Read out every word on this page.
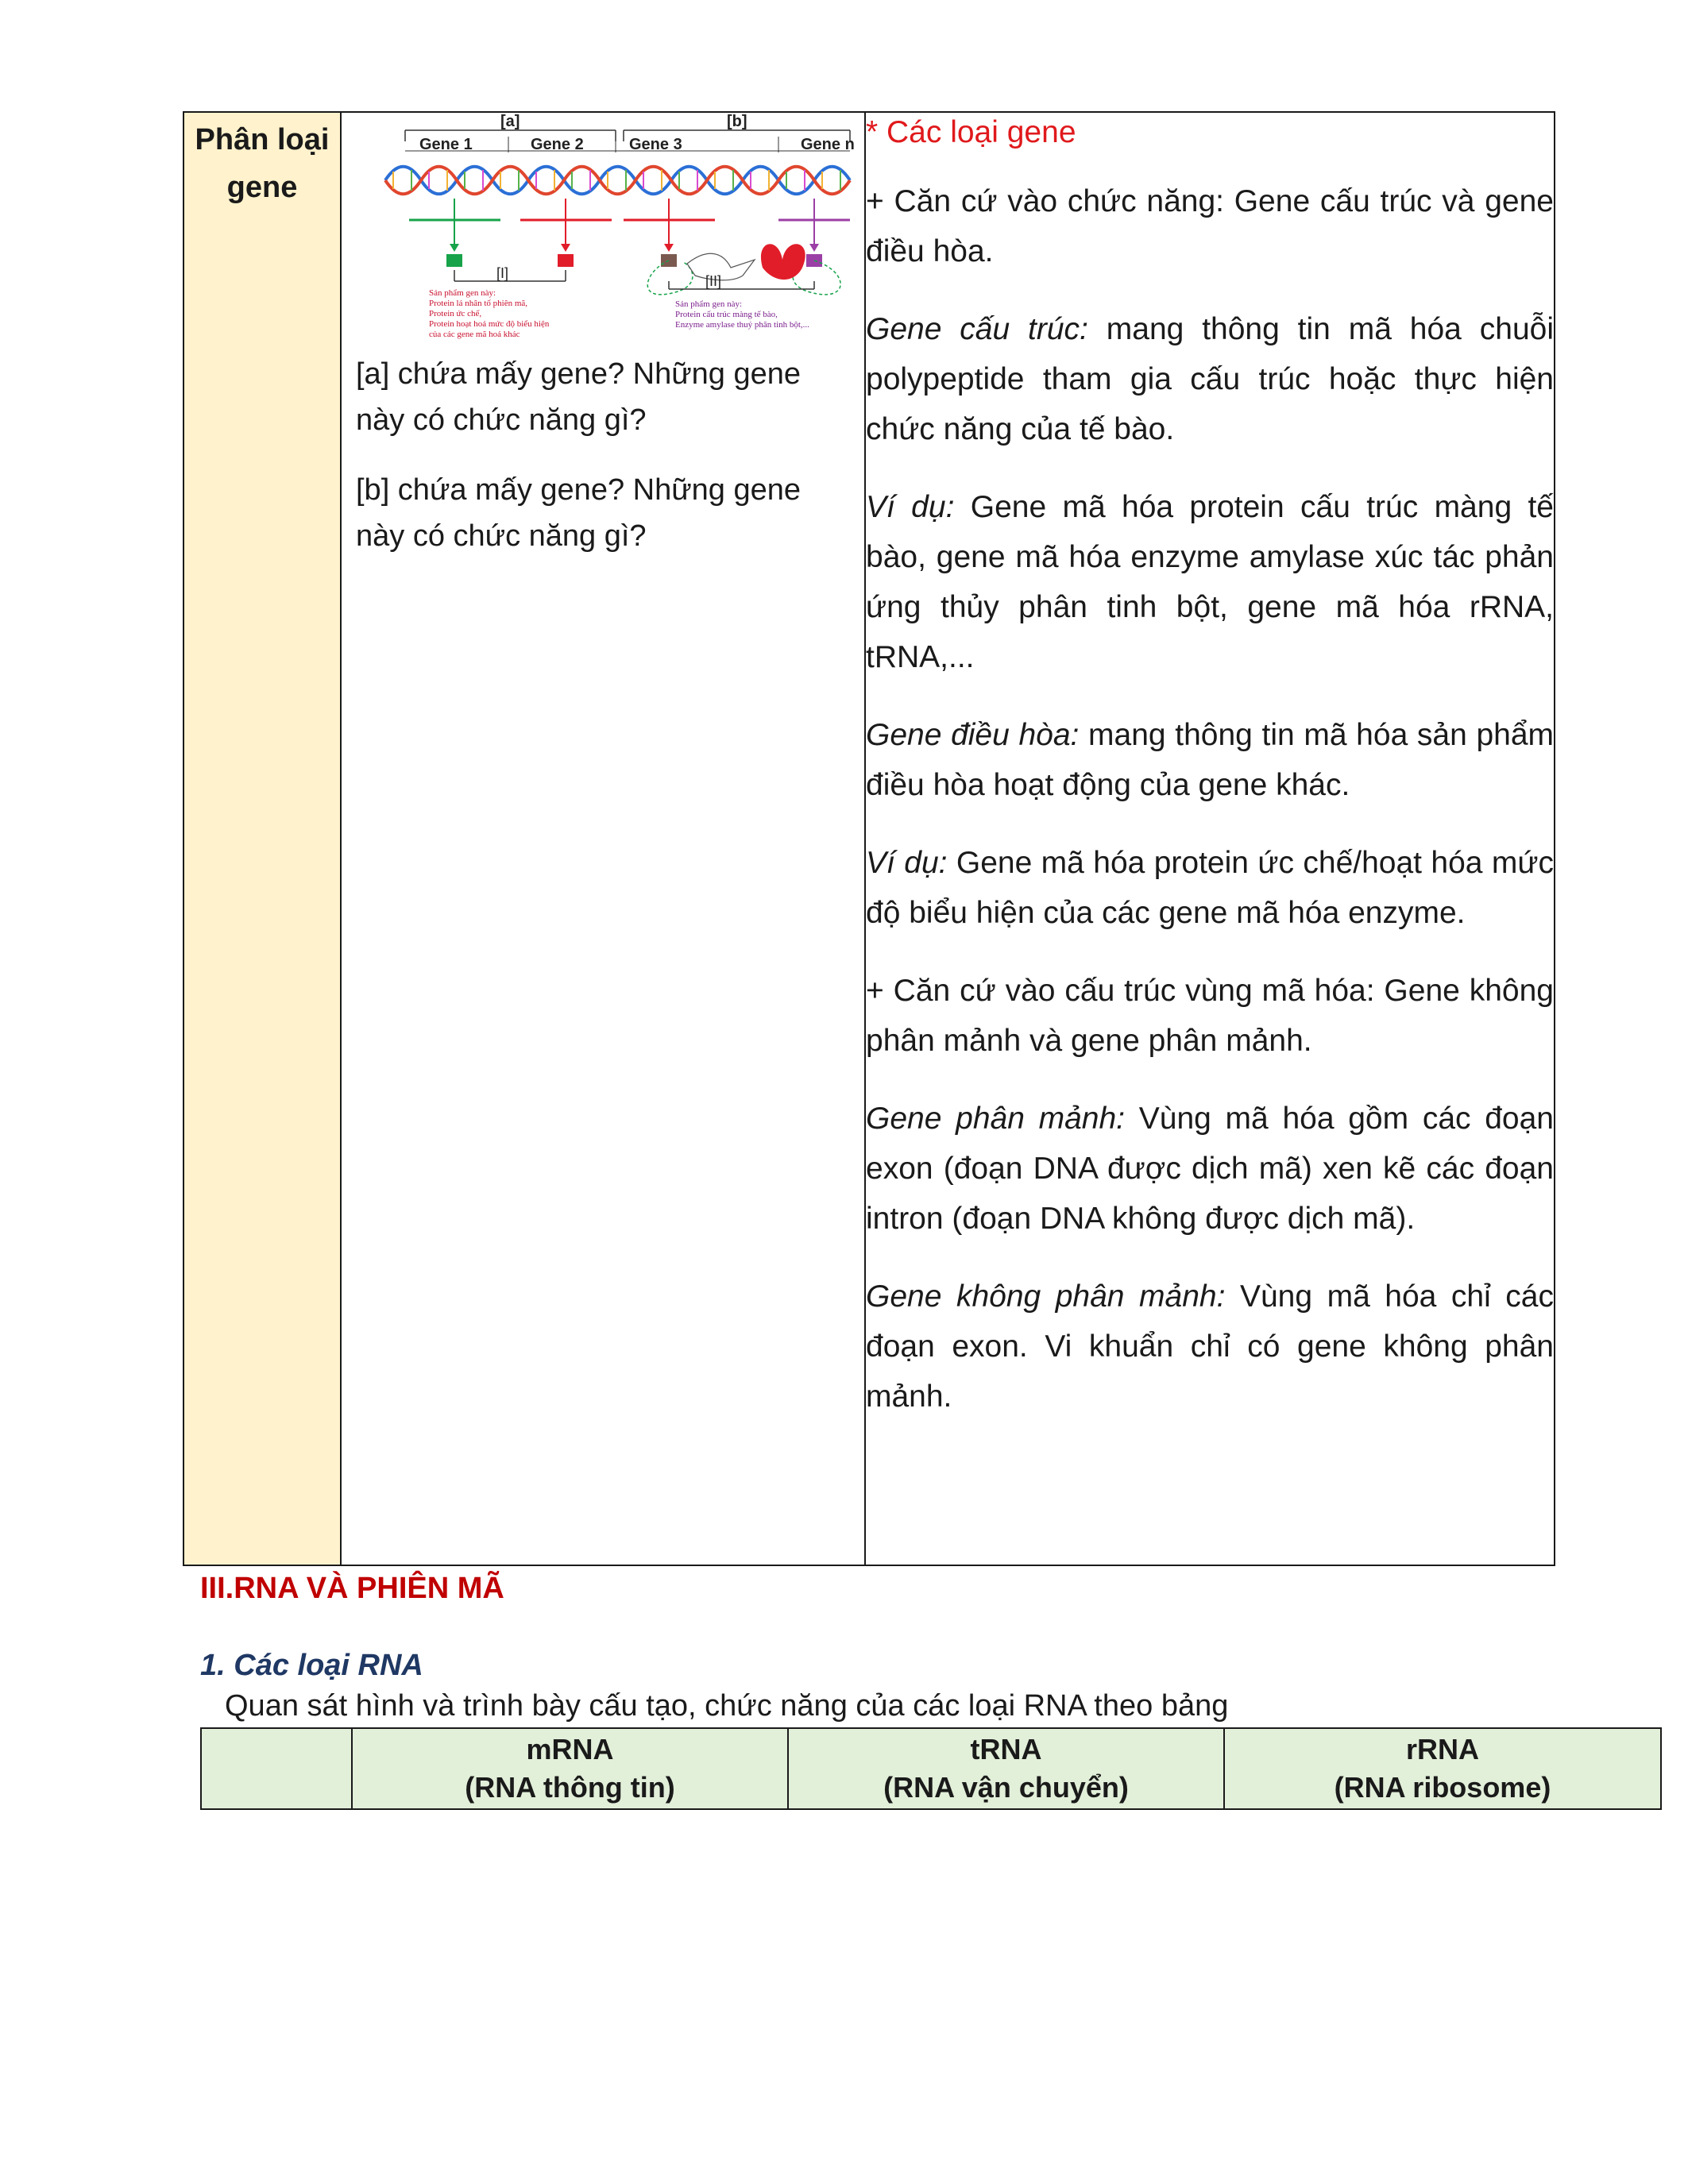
Phân loại
gene

[a]	[b]
Gene 1	Gene 2	Gene 3	Gene n
[I]	[II]
Sản phẩm gen này: Protein lá nhân tố phiên mã, Protein ức chế, Protein hoạt hoá mức độ biểu hiện của các gene mã hoá khác
Sản phẩm gen này: Protein cấu trúc màng tế bào, Enzyme amylase thuỷ phân tinh bột,...

[a] chứa mấy gene? Những gene này có chức năng gì?

[b] chứa mấy gene? Những gene này có chức năng gì?

* Các loại gene

+ Căn cứ vào chức năng: Gene cấu trúc và gene điều hòa.

Gene cấu trúc: mang thông tin mã hóa chuỗi polypeptide tham gia cấu trúc hoặc thực hiện chức năng của tế bào.

Ví dụ: Gene mã hóa protein cấu trúc màng tế bào, gene mã hóa enzyme amylase xúc tác phản ứng thủy phân tinh bột, gene mã hóa rRNA, tRNA,...

Gene điều hòa: mang thông tin mã hóa sản phẩm điều hòa hoạt động của gene khác.

Ví dụ: Gene mã hóa protein ức chế/hoạt hóa mức độ biểu hiện của các gene mã hóa enzyme.

+ Căn cứ vào cấu trúc vùng mã hóa: Gene không phân mảnh và gene phân mảnh.

Gene phân mảnh: Vùng mã hóa gồm các đoạn exon (đoạn DNA được dịch mã) xen kẽ các đoạn intron (đoạn DNA không được dịch mã).

Gene không phân mảnh: Vùng mã hóa chỉ các đoạn exon. Vi khuẩn chỉ có gene không phân mảnh.

III.RNA VÀ PHIÊN MÃ
1. Các loại RNA
Quan sát hình và trình bày cấu tạo, chức năng của các loại RNA theo bảng

mRNA
(RNA thông tin)

tRNA
(RNA vận chuyển)

rRNA
(RNA ribosome)
